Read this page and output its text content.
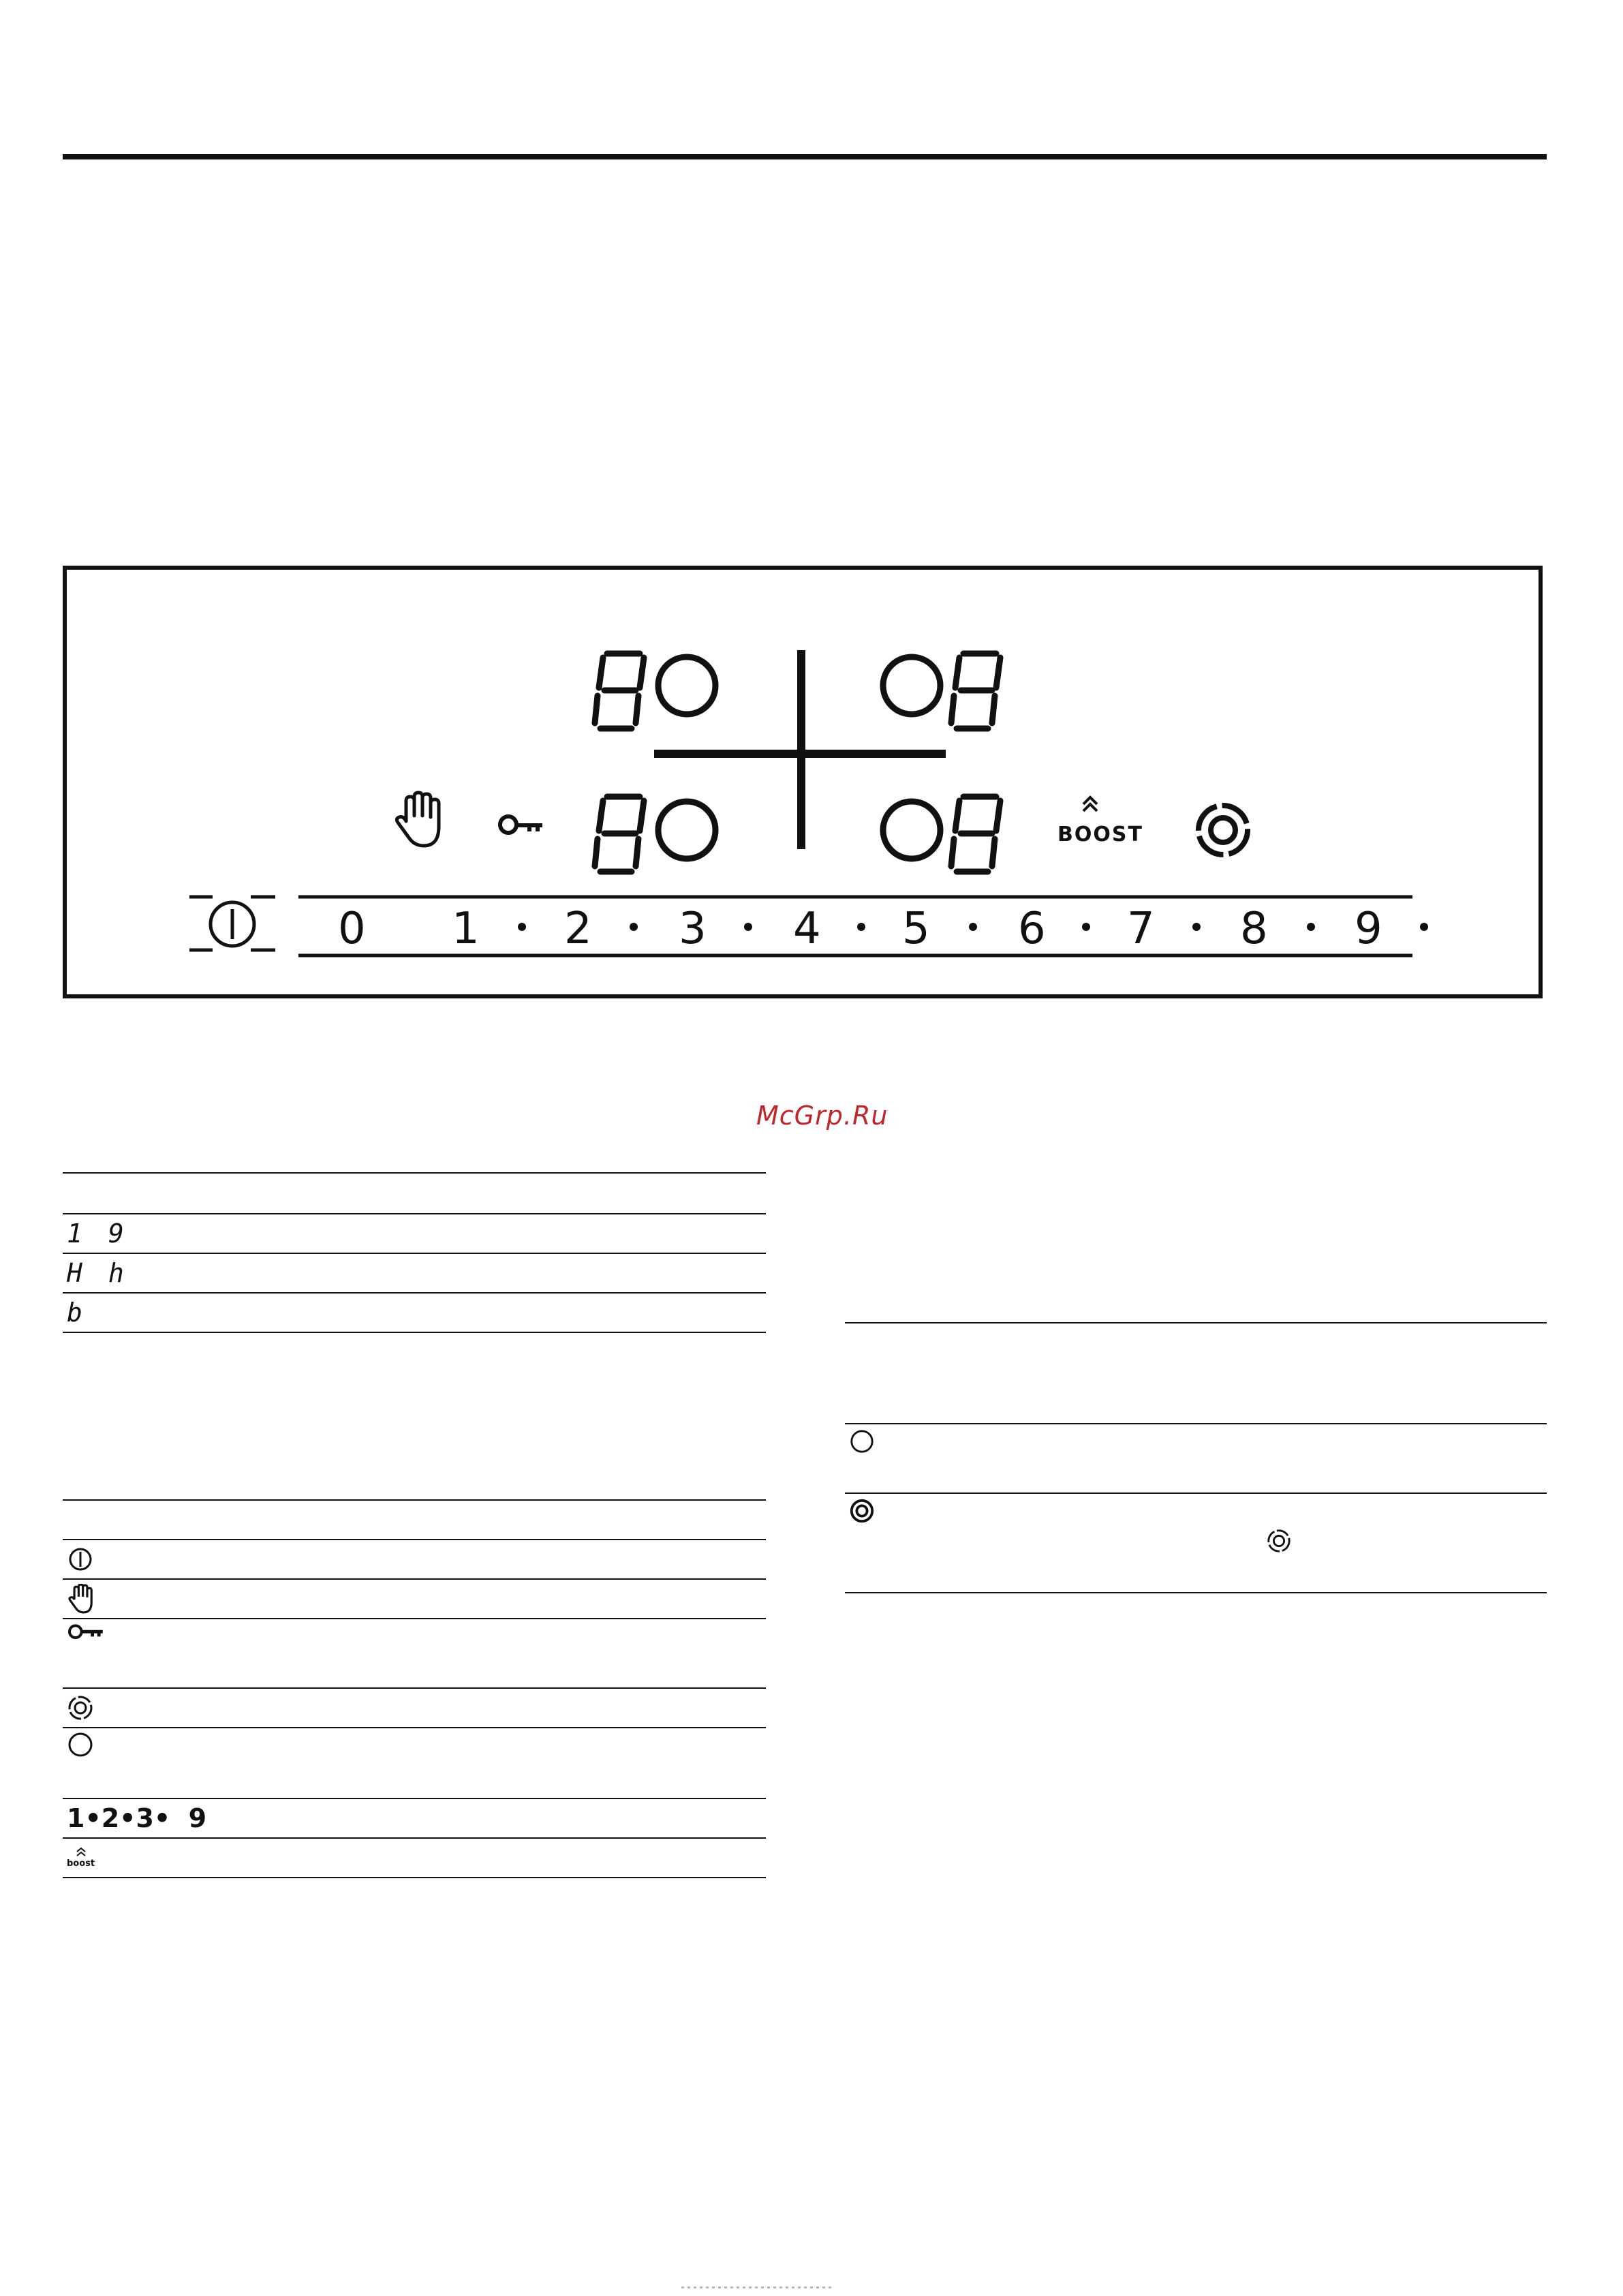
BOOST
0 1 2 3 4 5 6 7 8 9
McGrp.Ru
1 9
H h
b
1•2•3•  9

boost
